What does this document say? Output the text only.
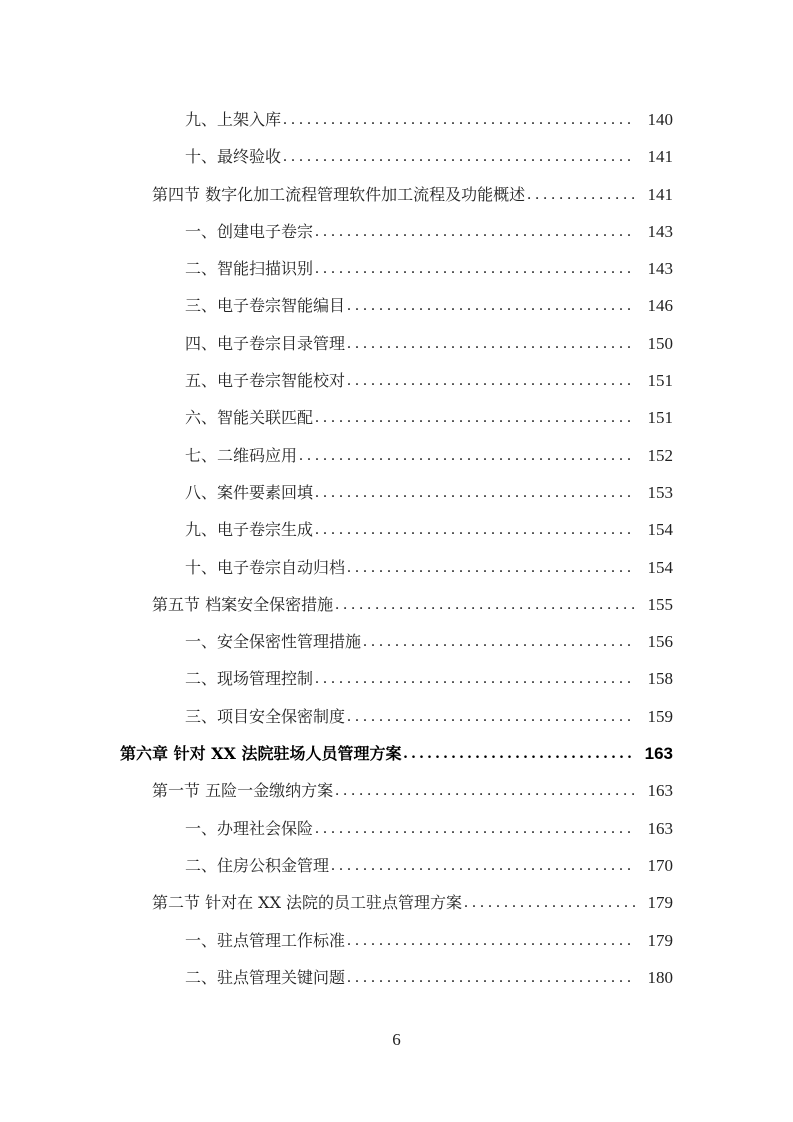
九、上架入库 . . .	140
十、最终验收 . . .	141
第四节 数字化加工流程管理软件加工流程及功能概述 . . .	141
一、创建电子卷宗 . . .	143
二、智能扫描识别 . . .	143
三、电子卷宗智能编目 . . .	146
四、电子卷宗目录管理 . . .	150
五、电子卷宗智能校对 . . .	151
六、智能关联匹配 . . .	151
七、二维码应用 . . .	152
八、案件要素回填 . . .	153
九、电子卷宗生成 . . .	154
十、电子卷宗自动归档 . . .	154
第五节 档案安全保密措施 . . .	155
一、安全保密性管理措施 . . .	156
二、现场管理控制 . . .	158
三、项目安全保密制度 . . .	159
第六章 针对 XX 法院驻场人员管理方案 . . .	163
第一节 五险一金缴纳方案 . . .	163
一、办理社会保险 . . .	163
二、住房公积金管理 . . .	170
第二节 针对在 XX 法院的员工驻点管理方案 . . .	179
一、驻点管理工作标准 . . .	179
二、驻点管理关键问题 . . .	180
6
